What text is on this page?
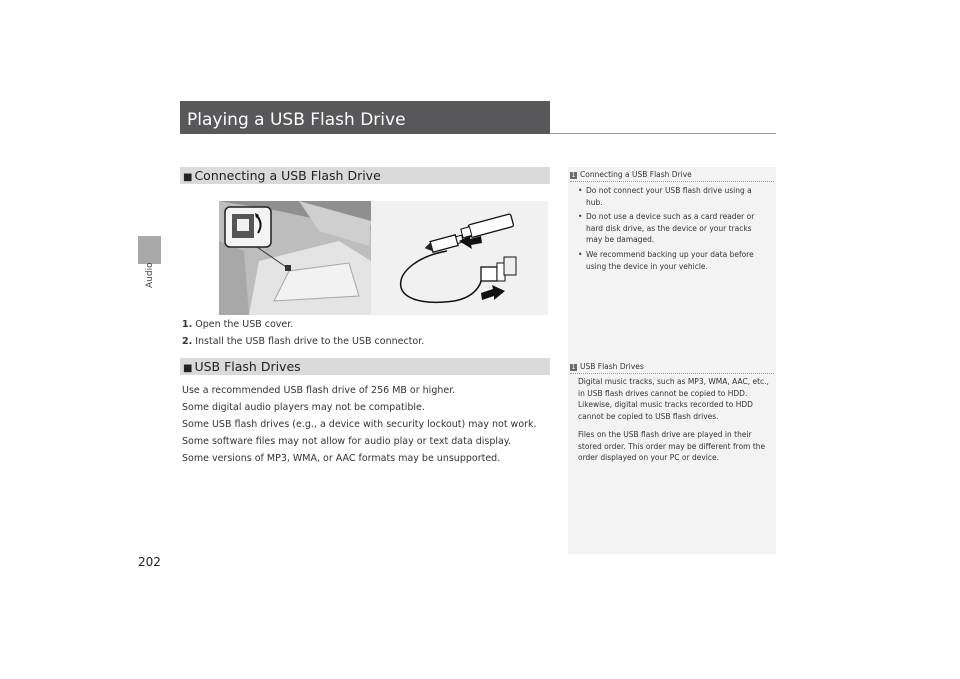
Audio
Playing a USB Flash Drive
■ Connecting a USB Flash Drive
1. Open the USB cover.
2. Install the USB flash drive to the USB connector.
■ USB Flash Drives
Use a recommended USB flash drive of 256 MB or higher.
Some digital audio players may not be compatible.
Some USB flash drives (e.g., a device with security lockout) may not work.
Some software files may not allow for audio play or text data display.
Some versions of MP3, WMA, or AAC formats may be unsupported.
1 Connecting a USB Flash Drive
• Do not connect your USB flash drive using a hub.
• Do not use a device such as a card reader or hard disk drive, as the device or your tracks may be damaged.
• We recommend backing up your data before using the device in your vehicle.
1 USB Flash Drives
Digital music tracks, such as MP3, WMA, AAC, etc., in USB flash drives cannot be copied to HDD. Likewise, digital music tracks recorded to HDD cannot be copied to USB flash drives.
Files on the USB flash drive are played in their stored order. This order may be different from the order displayed on your PC or device.
202
